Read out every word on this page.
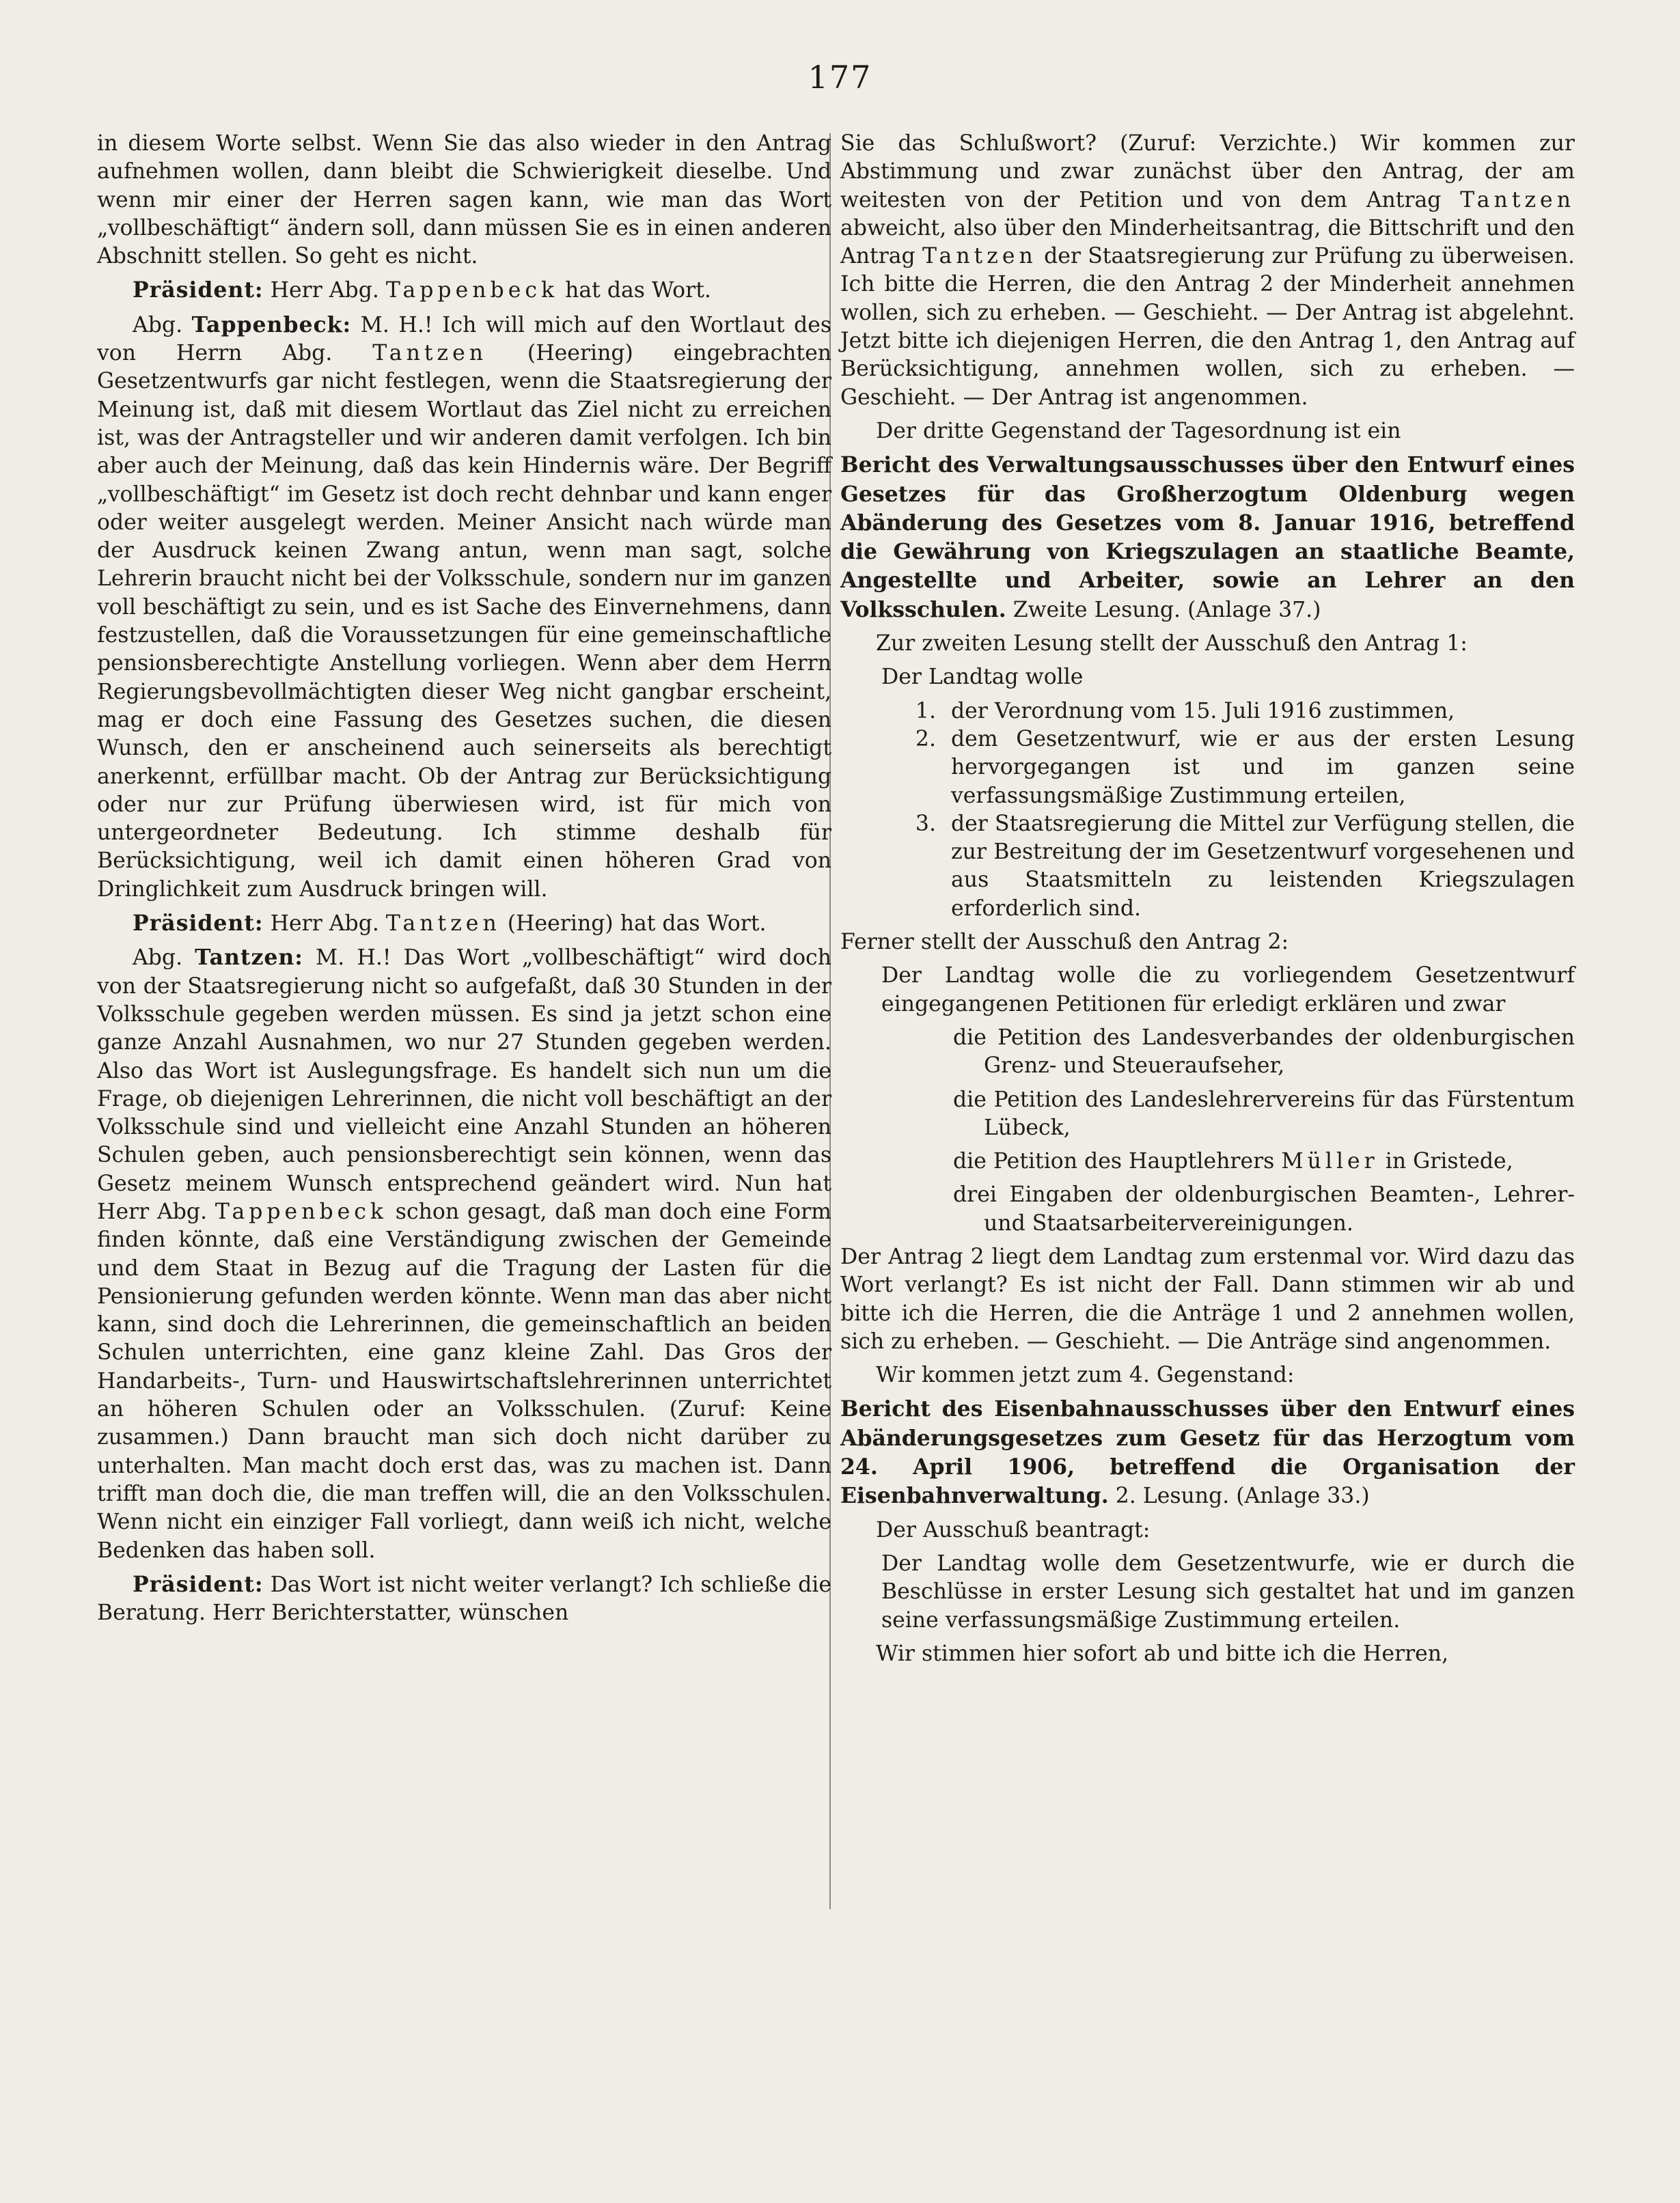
177

in diesem Worte selbst. Wenn Sie das also wieder in den Antrag aufnehmen wollen, dann bleibt die Schwierigkeit dieselbe. Und wenn mir einer der Herren sagen kann, wie man das Wort „vollbeschäftigt“ ändern soll, dann müssen Sie es in einen anderen Abschnitt stellen. So geht es nicht.

Präsident: Herr Abg. Tappenbeck hat das Wort.

Abg. Tappenbeck: M. H.! Ich will mich auf den Wortlaut des von Herrn Abg. Tantzen (Heering) eingebrachten Gesetzentwurfs gar nicht festlegen, wenn die Staatsregierung der Meinung ist, daß mit diesem Wortlaut das Ziel nicht zu erreichen ist, was der Antragsteller und wir anderen damit verfolgen. Ich bin aber auch der Meinung, daß das kein Hindernis wäre. Der Begriff „vollbeschäftigt“ im Gesetz ist doch recht dehnbar und kann enger oder weiter ausgelegt werden. Meiner Ansicht nach würde man der Ausdruck keinen Zwang antun, wenn man sagt, solche Lehrerin braucht nicht bei der Volksschule, sondern nur im ganzen voll beschäftigt zu sein, und es ist Sache des Einvernehmens, dann festzustellen, daß die Voraussetzungen für eine gemeinschaftliche pensionsberechtigte Anstellung vorliegen. Wenn aber dem Herrn Regierungsbevollmächtigten dieser Weg nicht gangbar erscheint, mag er doch eine Fassung des Gesetzes suchen, die diesen Wunsch, den er anscheinend auch seinerseits als berechtigt anerkennt, erfüllbar macht. Ob der Antrag zur Berücksichtigung oder nur zur Prüfung überwiesen wird, ist für mich von untergeordneter Bedeutung. Ich stimme deshalb für Berücksichtigung, weil ich damit einen höheren Grad von Dringlichkeit zum Ausdruck bringen will.

Präsident: Herr Abg. Tantzen (Heering) hat das Wort.

Abg. Tantzen: M. H.! Das Wort „vollbeschäftigt“ wird doch von der Staatsregierung nicht so aufgefaßt, daß 30 Stunden in der Volksschule gegeben werden müssen. Es sind ja jetzt schon eine ganze Anzahl Ausnahmen, wo nur 27 Stunden gegeben werden. Also das Wort ist Auslegungsfrage. Es handelt sich nun um die Frage, ob diejenigen Lehrerinnen, die nicht voll beschäftigt an der Volksschule sind und vielleicht eine Anzahl Stunden an höheren Schulen geben, auch pensionsberechtigt sein können, wenn das Gesetz meinem Wunsch entsprechend geändert wird. Nun hat Herr Abg. Tappenbeck schon gesagt, daß man doch eine Form finden könnte, daß eine Verständigung zwischen der Gemeinde und dem Staat in Bezug auf die Tragung der Lasten für die Pensionierung gefunden werden könnte. Wenn man das aber nicht kann, sind doch die Lehrerinnen, die gemeinschaftlich an beiden Schulen unterrichten, eine ganz kleine Zahl. Das Gros der Handarbeits-, Turn- und Hauswirtschaftslehrerinnen unterrichtet an höheren Schulen oder an Volksschulen. (Zuruf: Keine zusammen.) Dann braucht man sich doch nicht darüber zu unterhalten. Man macht doch erst das, was zu machen ist. Dann trifft man doch die, die man treffen will, die an den Volksschulen. Wenn nicht ein einziger Fall vorliegt, dann weiß ich nicht, welche Bedenken das haben soll.

Präsident: Das Wort ist nicht weiter verlangt? Ich schließe die Beratung. Herr Berichterstatter, wünschen

Sie das Schlußwort? (Zuruf: Verzichte.) Wir kommen zur Abstimmung und zwar zunächst über den Antrag, der am weitesten von der Petition und von dem Antrag Tantzen abweicht, also über den Minderheitsantrag, die Bittschrift und den Antrag Tantzen der Staatsregierung zur Prüfung zu überweisen. Ich bitte die Herren, die den Antrag 2 der Minderheit annehmen wollen, sich zu erheben. — Geschieht. — Der Antrag ist abgelehnt. Jetzt bitte ich diejenigen Herren, die den Antrag 1, den Antrag auf Berücksichtigung, annehmen wollen, sich zu erheben. — Geschieht. — Der Antrag ist angenommen.

Der dritte Gegenstand der Tagesordnung ist ein

Bericht des Verwaltungsausschusses über den Entwurf eines Gesetzes für das Großherzogtum Oldenburg wegen Abänderung des Gesetzes vom 8. Januar 1916, betreffend die Gewährung von Kriegszulagen an staatliche Beamte, Angestellte und Arbeiter, sowie an Lehrer an den Volksschulen. Zweite Lesung. (Anlage 37.)

Zur zweiten Lesung stellt der Ausschuß den Antrag 1:

Der Landtag wolle

1. der Verordnung vom 15. Juli 1916 zustimmen,
2. dem Gesetzentwurf, wie er aus der ersten Lesung hervorgegangen ist und im ganzen seine verfassungsmäßige Zustimmung erteilen,
3. der Staatsregierung die Mittel zur Verfügung stellen, die zur Bestreitung der im Gesetzentwurf vorgesehenen und aus Staatsmitteln zu leistenden Kriegszulagen erforderlich sind.

Ferner stellt der Ausschuß den Antrag 2:

Der Landtag wolle die zu vorliegendem Gesetzentwurf eingegangenen Petitionen für erledigt erklären und zwar

die Petition des Landesverbandes der oldenburgischen Grenz- und Steueraufseher,

die Petition des Landeslehrervereins für das Fürstentum Lübeck,

die Petition des Hauptlehrers Müller in Gristede,

drei Eingaben der oldenburgischen Beamten-, Lehrer- und Staatsarbeitervereinigungen.

Der Antrag 2 liegt dem Landtag zum erstenmal vor. Wird dazu das Wort verlangt? Es ist nicht der Fall. Dann stimmen wir ab und bitte ich die Herren, die die Anträge 1 und 2 annehmen wollen, sich zu erheben. — Geschieht. — Die Anträge sind angenommen.

Wir kommen jetzt zum 4. Gegenstand:

Bericht des Eisenbahnausschusses über den Entwurf eines Abänderungsgesetzes zum Gesetz für das Herzogtum vom 24. April 1906, betreffend die Organisation der Eisenbahnverwaltung. 2. Lesung. (Anlage 33.)

Der Ausschuß beantragt:

Der Landtag wolle dem Gesetzentwurfe, wie er durch die Beschlüsse in erster Lesung sich gestaltet hat und im ganzen seine verfassungsmäßige Zustimmung erteilen.

Wir stimmen hier sofort ab und bitte ich die Herren,
